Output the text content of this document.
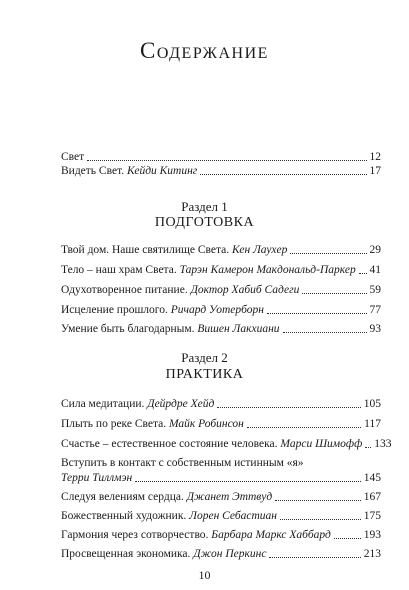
Содержание
Свет	12
Видеть Свет. Кейди Китинг	17
Раздел 1
ПОДГОТОВКА
Твой дом. Наше святилище Света. Кен Лаухер	29
Тело – наш храм Света. Тарэн Камерон Макдональд-Паркер 41
Одухотворенное питание. Доктор Хабиб Садеги	59
Исцеление прошлого. Ричард Уотерборн	77
Умение быть благодарным. Вишен Лакхиани	93
Раздел 2
ПРАКТИКА
Сила медитации. Дейрдре Хейд	105
Плыть по реке Света. Майк Робинсон	117
Счастье – естественное состояние человека. Марси Шимофф 133
Вступить в контакт с собственным истинным «я»
Терри Тиллмэн	145
Следуя велениям сердца. Джанет Эттвуд	167
Божественный художник. Лорен Себастиан	175
Гармония через сотворчество. Барбара Маркс Хаббард	193
Просвещенная экономика. Джон Перкинс	213
10
